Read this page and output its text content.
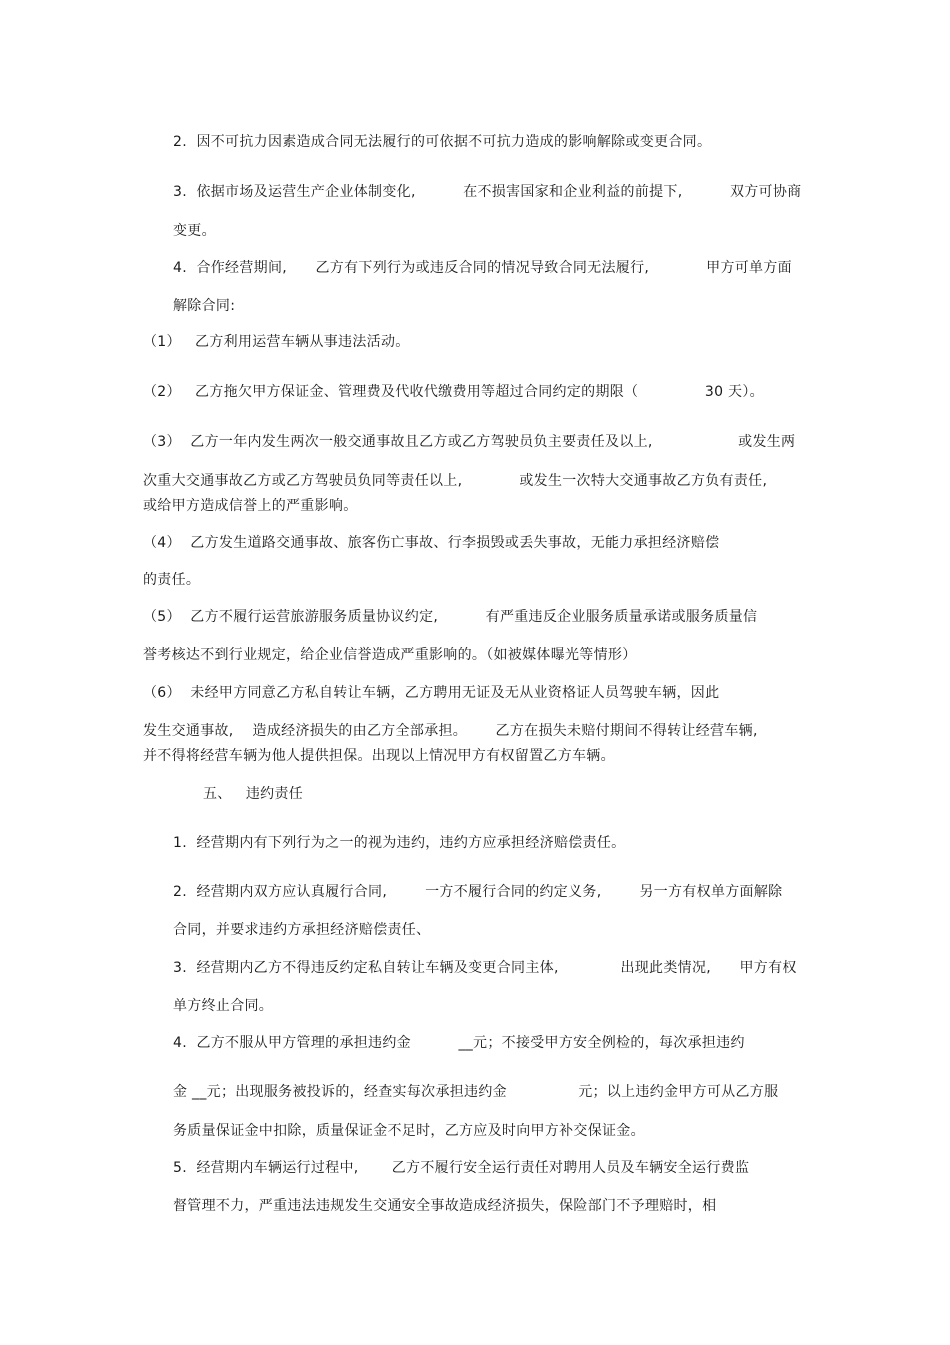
2.  因不可抗力因素造成合同无法履行的可依据不可抗力造成的影响解除或变更合同。
3.  依据市场及运营生产企业体制变化,          在不损害国家和企业利益的前提下,          双方可协商
变更。
4.  合作经营期间,      乙方有下列行为或违反合同的情况导致合同无法履行,            甲方可单方面
解除合同:
（1）   乙方利用运营车辆从事违法活动。
（2）   乙方拖欠甲方保证金、管理费及代收代缴费用等超过合同约定的期限（              30 天）。
（3）  乙方一年内发生两次一般交通事故且乙方或乙方驾驶员负主要责任及以上,                  或发生两
次重大交通事故乙方或乙方驾驶员负同等责任以上,            或发生一次特大交通事故乙方负有责任,
或给甲方造成信誉上的严重影响。
（4）  乙方发生道路交通事故、旅客伤亡事故、行李损毁或丢失事故，无能力承担经济赔偿
的责任。
（5）  乙方不履行运营旅游服务质量协议约定,          有严重违反企业服务质量承诺或服务质量信
誉考核达不到行业规定，给企业信誉造成严重影响的。（如被媒体曝光等情形）
（6）  未经甲方同意乙方私自转让车辆，乙方聘用无证及无从业资格证人员驾驶车辆，因此
发生交通事故,    造成经济损失的由乙方全部承担。      乙方在损失未赔付期间不得转让经营车辆,
并不得将经营车辆为他人提供担保。出现以上情况甲方有权留置乙方车辆。
五、   违约责任
1.  经营期内有下列行为之一的视为违约，违约方应承担经济赔偿责任。
2.  经营期内双方应认真履行合同,        一方不履行合同的约定义务,        另一方有权单方面解除
合同，并要求违约方承担经济赔偿责任、
3.  经营期内乙方不得违反约定私自转让车辆及变更合同主体,             出现此类情况,      甲方有权
单方终止合同。
4.  乙方不服从甲方管理的承担违约金          __元；不接受甲方安全例检的，每次承担违约
金 __元；出现服务被投诉的，经查实每次承担违约金               元；以上违约金甲方可从乙方服
务质量保证金中扣除，质量保证金不足时，乙方应及时向甲方补交保证金。
5.  经营期内车辆运行过程中,       乙方不履行安全运行责任对聘用人员及车辆安全运行费监
督管理不力，严重违法违规发生交通安全事故造成经济损失，保险部门不予理赔时，相
